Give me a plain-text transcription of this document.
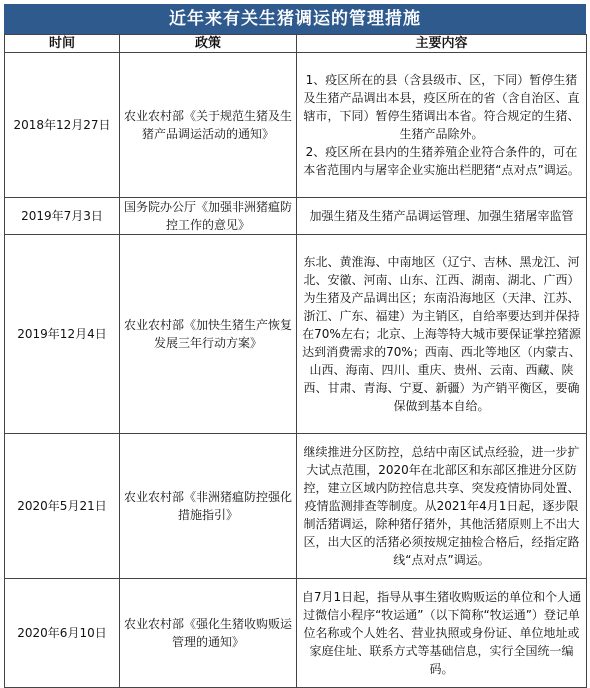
近年来有关生猪调运的管理措施
时间	政策	主要内容
2018年12月27日	农业农村部《关于规范生猪及生猪产品调运活动的通知》	1、疫区所在的县（含县级市、区，下同）暂停生猪及生猪产品调出本县，疫区所在的省（含自治区、直辖市，下同）暂停生猪调出本省。符合规定的生猪、生猪产品除外。
2、疫区所在县内的生猪养殖企业符合条件的，可在本省范围内与屠宰企业实施出栏肥猪“点对点”调运。

2019年7月3日	国务院办公厅《加强非洲猪瘟防控工作的意见》	加强生猪及生猪产品调运管理、加强生猪屠宰监管

2019年12月4日	农业农村部《加快生猪生产恢复发展三年行动方案》	东北、黄淮海、中南地区（辽宁、吉林、黑龙江、河北、安徽、河南、山东、江西、湖南、湖北、广西）为生猪及产品调出区；东南沿海地区（天津、江苏、浙江、广东、福建）为主销区，自给率要达到并保持在70%左右；北京、上海等特大城市要保证掌控猪源达到消费需求的70%；西南、西北等地区（内蒙古、山西、海南、四川、重庆、贵州、云南、西藏、陕西、甘肃、青海、宁夏、新疆）为产销平衡区，要确保做到基本自给。

2020年5月21日	农业农村部《非洲猪瘟防控强化措施指引》	继续推进分区防控，总结中南区试点经验，进一步扩大试点范围，2020年在北部区和东部区推进分区防控，建立区域内防控信息共享、突发疫情协同处置、疫情监测排查等制度。从2021年4月1日起，逐步限制活猪调运，除种猪仔猪外，其他活猪原则上不出大区，出大区的活猪必须按规定抽检合格后，经指定路线“点对点”调运。

2020年6月10日	农业农村部《强化生猪收购贩运管理的通知》	自7月1日起，指导从事生猪收购贩运的单位和个人通过微信小程序“牧运通”（以下简称“牧运通”）登记单位名称或个人姓名、营业执照或身份证、单位地址或家庭住址、联系方式等基础信息，实行全国统一编码。
